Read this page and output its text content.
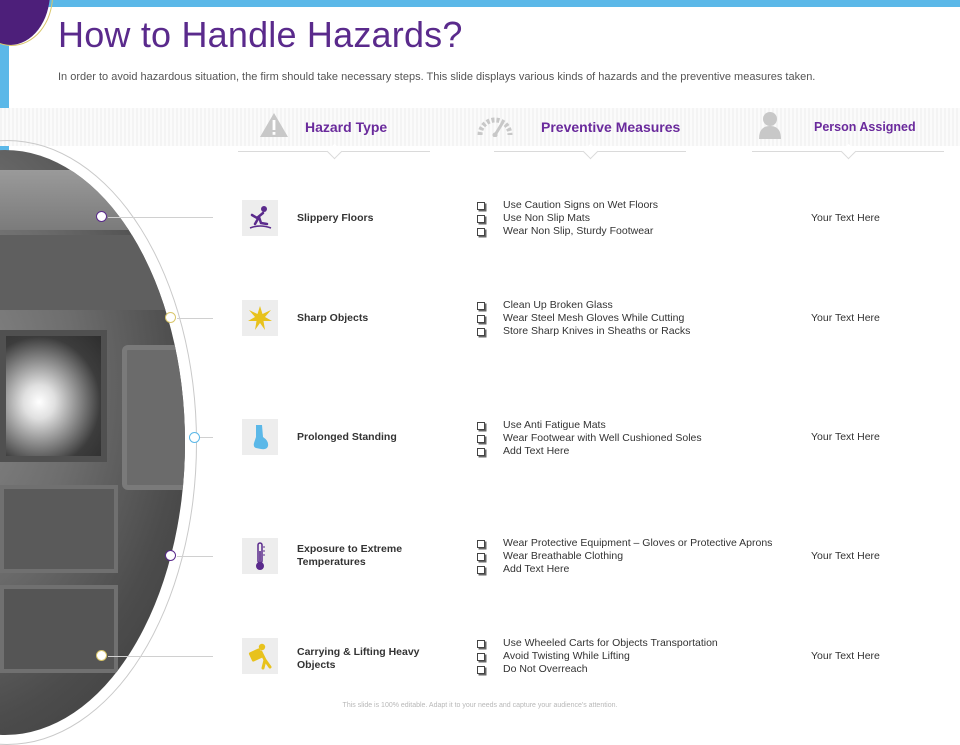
How to Handle Hazards?
In order to avoid hazardous situation, the firm should take necessary steps. This slide displays various kinds of hazards and the preventive measures taken.
Hazard Type	Preventive Measures	Person Assigned
Slippery Floors
Use Caution Signs on Wet Floors
Use Non Slip Mats
Wear Non Slip, Sturdy Footwear
Your Text Here
Sharp Objects
Clean Up Broken Glass
Wear Steel Mesh Gloves While Cutting
Store Sharp Knives in Sheaths or Racks
Your Text Here
Prolonged Standing
Use Anti Fatigue Mats
Wear Footwear with Well Cushioned Soles
Add Text Here
Your Text Here
Exposure to Extreme Temperatures
Wear Protective Equipment – Gloves or Protective Aprons
Wear Breathable Clothing
Add Text Here
Your Text Here
Carrying & Lifting Heavy Objects
Use Wheeled Carts for Objects Transportation
Avoid Twisting While Lifting
Do Not Overreach
Your Text Here
This slide is 100% editable. Adapt it to your needs and capture your audience's attention.
